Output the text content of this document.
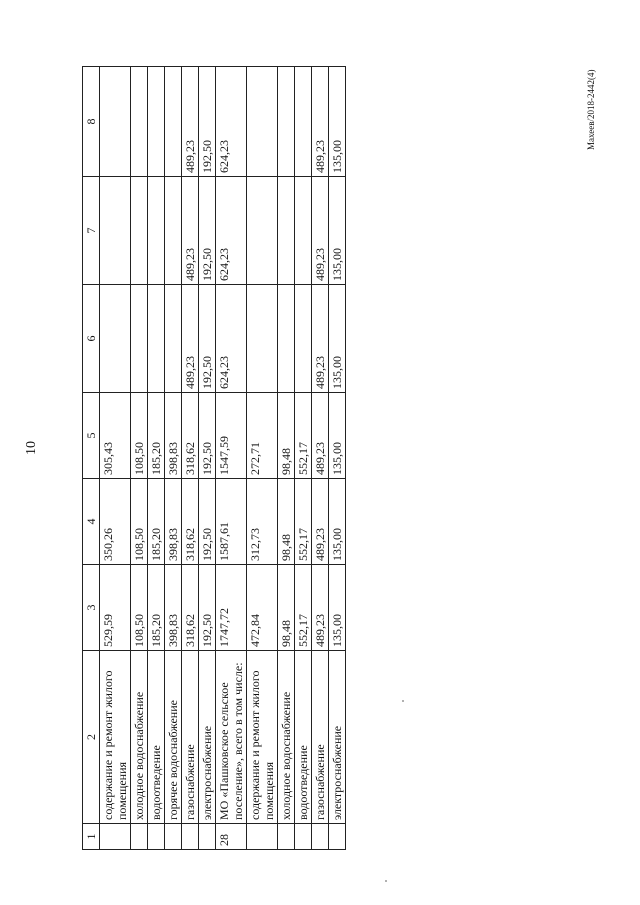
10
Махеев/2018-2442(4)
1	2	3	4	5	6	7	8
	содержание и ремонт жилого помещения	529,59	350,26	305,43			
	холодное водоснабжение	108,50	108,50	108,50			
	водоотведение	185,20	185,20	185,20			
	горячее водоснабжение	398,83	398,83	398,83			
	газоснабжение	318,62	318,62	318,62	489,23	489,23	489,23
	электроснабжение	192,50	192,50	192,50	192,50	192,50	192,50
28	МО «Пашковское сельское поселение», всего в том числе:	1747,72	1587,61	1547,59	624,23	624,23	624,23
	содержание и ремонт жилого помещения	472,84	312,73	272,71			
	холодное водоснабжение	98,48	98,48	98,48			
	водоотведение	552,17	552,17	552,17			
	газоснабжение	489,23	489,23	489,23	489,23	489,23	489,23
	электроснабжение	135,00	135,00	135,00	135,00	135,00	135,00
